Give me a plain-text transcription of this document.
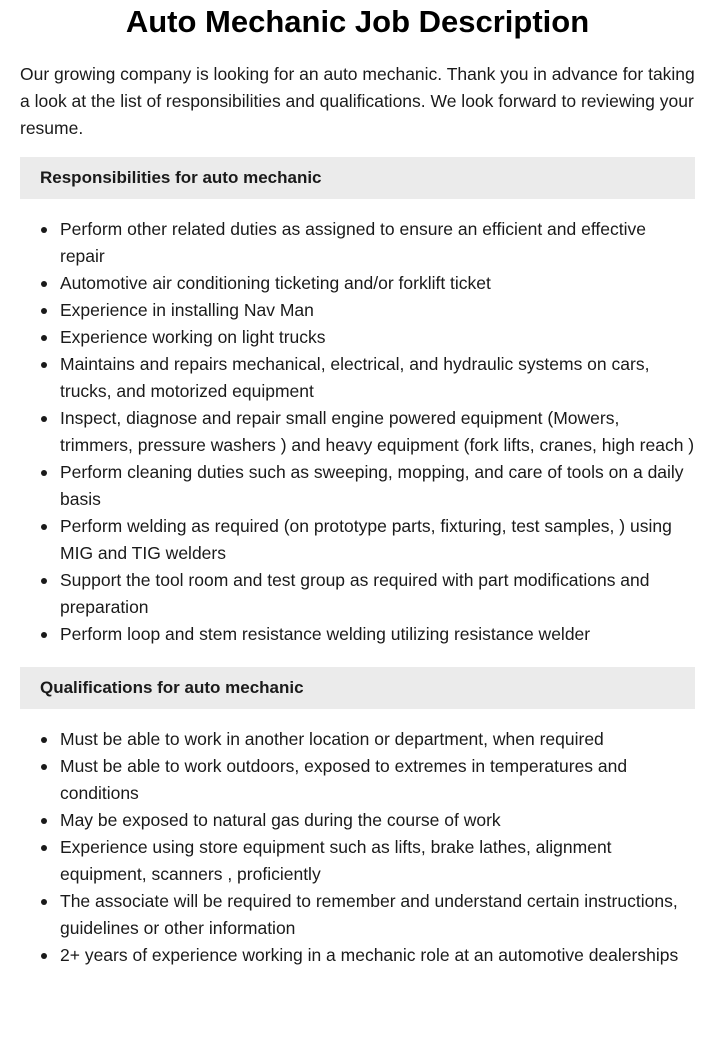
Auto Mechanic Job Description

Our growing company is looking for an auto mechanic. Thank you in advance for taking a look at the list of responsibilities and qualifications. We look forward to reviewing your resume.

Responsibilities for auto mechanic
Perform other related duties as assigned to ensure an efficient and effective repair
Automotive air conditioning ticketing and/or forklift ticket
Experience in installing Nav Man
Experience working on light trucks
Maintains and repairs mechanical, electrical, and hydraulic systems on cars, trucks, and motorized equipment
Inspect, diagnose and repair small engine powered equipment (Mowers, trimmers, pressure washers ) and heavy equipment (fork lifts, cranes, high reach )
Perform cleaning duties such as sweeping, mopping, and care of tools on a daily basis
Perform welding as required (on prototype parts, fixturing, test samples, ) using MIG and TIG welders
Support the tool room and test group as required with part modifications and preparation
Perform loop and stem resistance welding utilizing resistance welder
Qualifications for auto mechanic
Must be able to work in another location or department, when required
Must be able to work outdoors, exposed to extremes in temperatures and conditions
May be exposed to natural gas during the course of work
Experience using store equipment such as lifts, brake lathes, alignment equipment, scanners , proficiently
The associate will be required to remember and understand certain instructions, guidelines or other information
2+ years of experience working in a mechanic role at an automotive dealerships
